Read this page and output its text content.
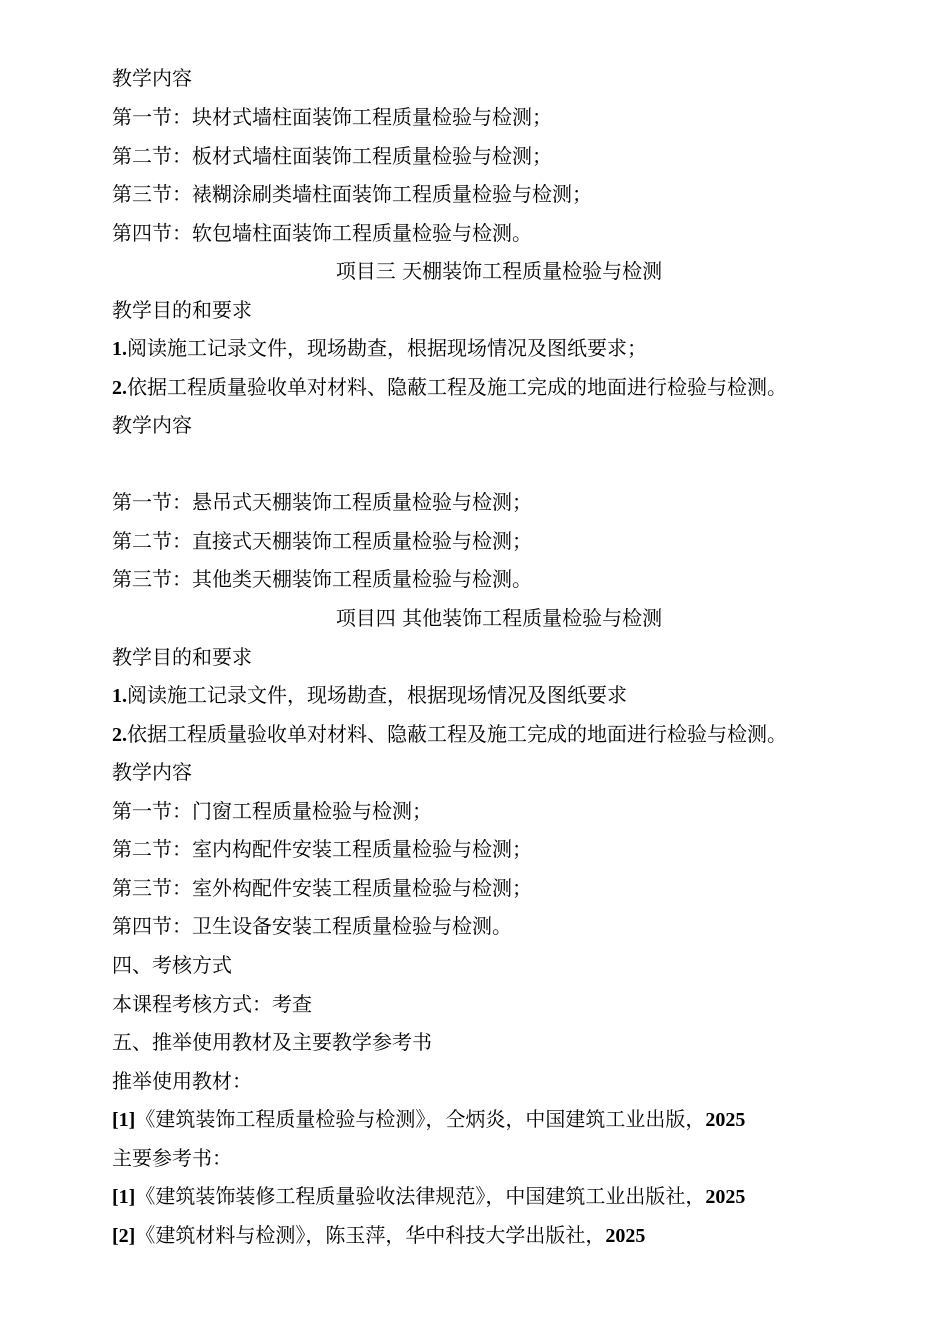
教学内容
第一节：块材式墙柱面装饰工程质量检验与检测；
第二节：板材式墙柱面装饰工程质量检验与检测；
第三节：裱糊涂刷类墙柱面装饰工程质量检验与检测；
第四节：软包墙柱面装饰工程质量检验与检测。
项目三 天棚装饰工程质量检验与检测
教学目的和要求
1.阅读施工记录文件，现场勘查，根据现场情况及图纸要求；
2.依据工程质量验收单对材料、隐蔽工程及施工完成的地面进行检验与检测。
教学内容
第一节：悬吊式天棚装饰工程质量检验与检测；
第二节：直接式天棚装饰工程质量检验与检测；
第三节：其他类天棚装饰工程质量检验与检测。
项目四 其他装饰工程质量检验与检测
教学目的和要求
1.阅读施工记录文件，现场勘查，根据现场情况及图纸要求
2.依据工程质量验收单对材料、隐蔽工程及施工完成的地面进行检验与检测。
教学内容
第一节：门窗工程质量检验与检测；
第二节：室内构配件安装工程质量检验与检测；
第三节：室外构配件安装工程质量检验与检测；
第四节：卫生设备安装工程质量检验与检测。
四、考核方式
本课程考核方式：考查
五、推举使用教材及主要教学参考书
推举使用教材：
[1]《建筑装饰工程质量检验与检测》，仝炳炎，中国建筑工业出版，2025
主要参考书：
[1]《建筑装饰装修工程质量验收法律规范》，中国建筑工业出版社，2025
[2]《建筑材料与检测》，陈玉萍，华中科技大学出版社，2025
